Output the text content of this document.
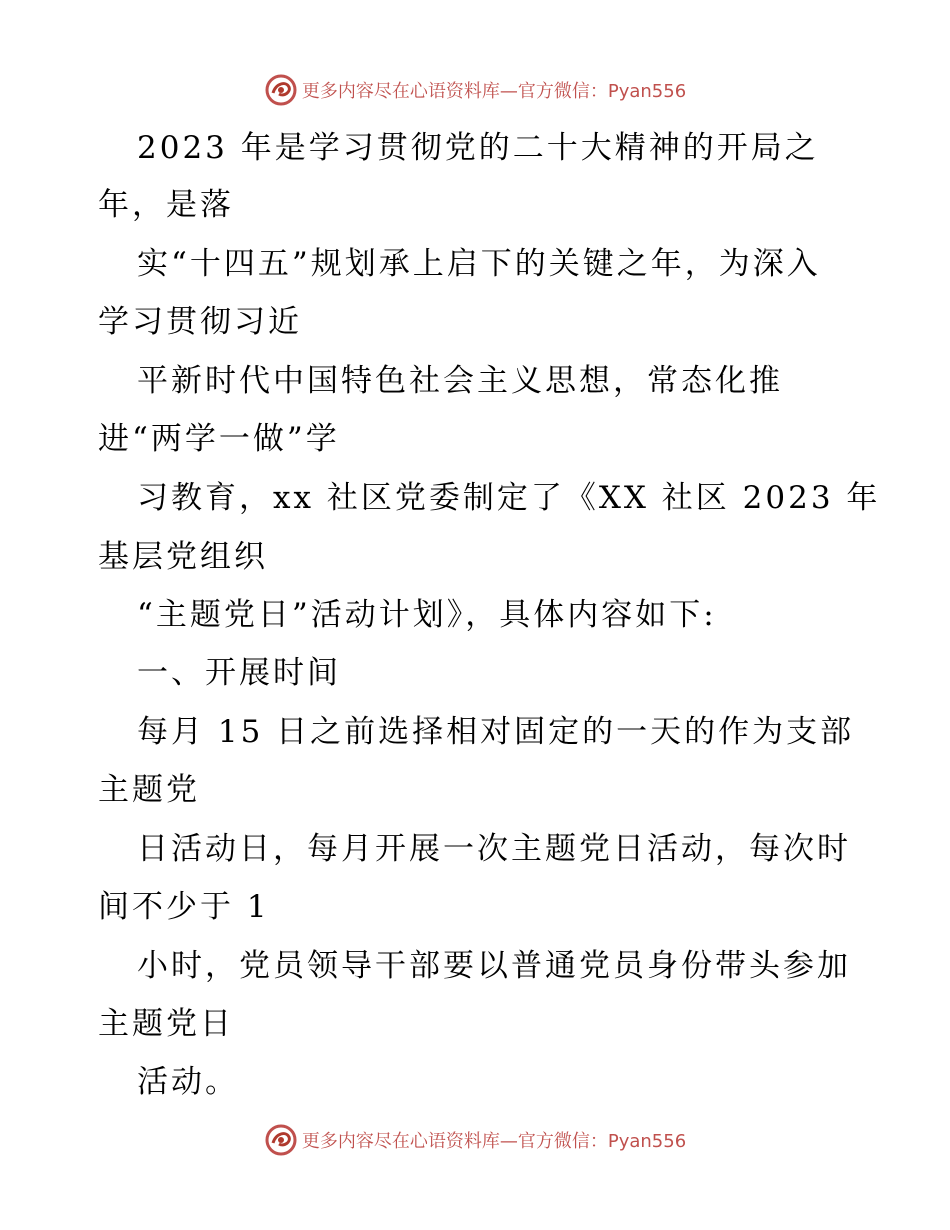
更多内容尽在心语资料库—官方微信：Pyan556
2023 年是学习贯彻党的二十大精神的开局之
年，是落
实“十四五”规划承上启下的关键之年，为深入
学习贯彻习近
平新时代中国特色社会主义思想，常态化推
进“两学一做”学
习教育，xx 社区党委制定了《XX 社区 2023 年
基层党组织
“主题党日”活动计划》，具体内容如下:
一、开展时间
每月 15 日之前选择相对固定的一天的作为支部
主题党
日活动日，每月开展一次主题党日活动，每次时
间不少于 1
小时，党员领导干部要以普通党员身份带头参加
主题党日
活动。
更多内容尽在心语资料库—官方微信：Pyan556
